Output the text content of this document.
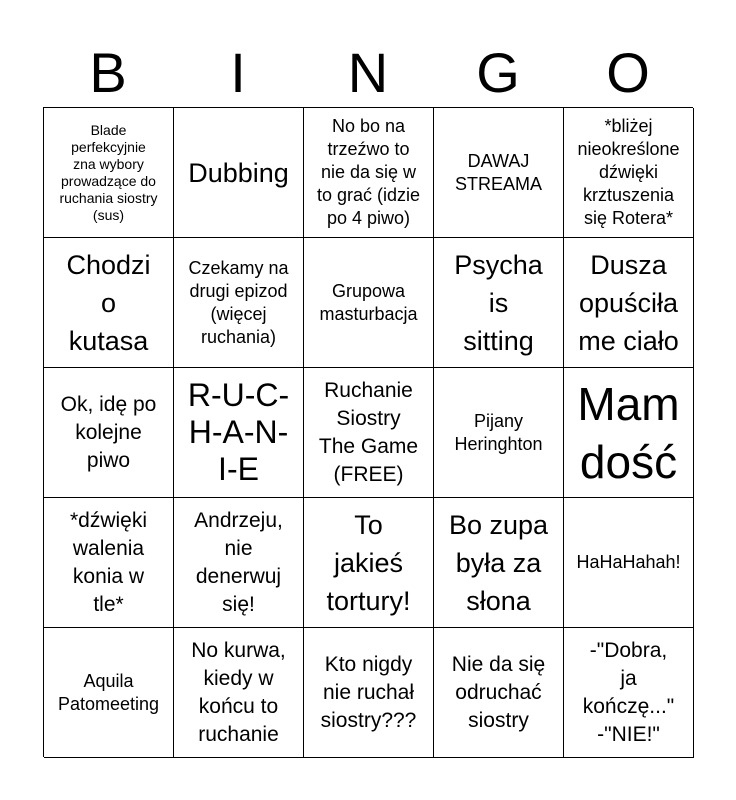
B	I	N	G	O
Blade
perfekcyjnie
zna wybory
prowadzące do
ruchania siostry
(sus)
Dubbing
No bo na
trzeźwo to
nie da się w
to grać (idzie
po 4 piwo)
DAWAJ
STREAMA
*bliżej
nieokreślone
dźwięki
krztuszenia
się Rotera*
Chodzi
o
kutasa
Czekamy na
drugi epizod
(więcej
ruchania)
Grupowa
masturbacja
Psycha
is
sitting
Dusza
opuściła
me ciało
Ok, idę po
kolejne
piwo
R-U-C-
H-A-N-
I-E
Ruchanie
Siostry
The Game
(FREE)
Pijany
Heringhton
Mam
dość
*dźwięki
walenia
konia w
tle*
Andrzeju,
nie
denerwuj
się!
To
jakieś
tortury!
Bo zupa
była za
słona
HaHaHahah!
Aquila
Patomeeting
No kurwa,
kiedy w
końcu to
ruchanie
Kto nigdy
nie ruchał
siostry???
Nie da się
odruchać
siostry
-"Dobra,
ja
kończę..."
-"NIE!"
